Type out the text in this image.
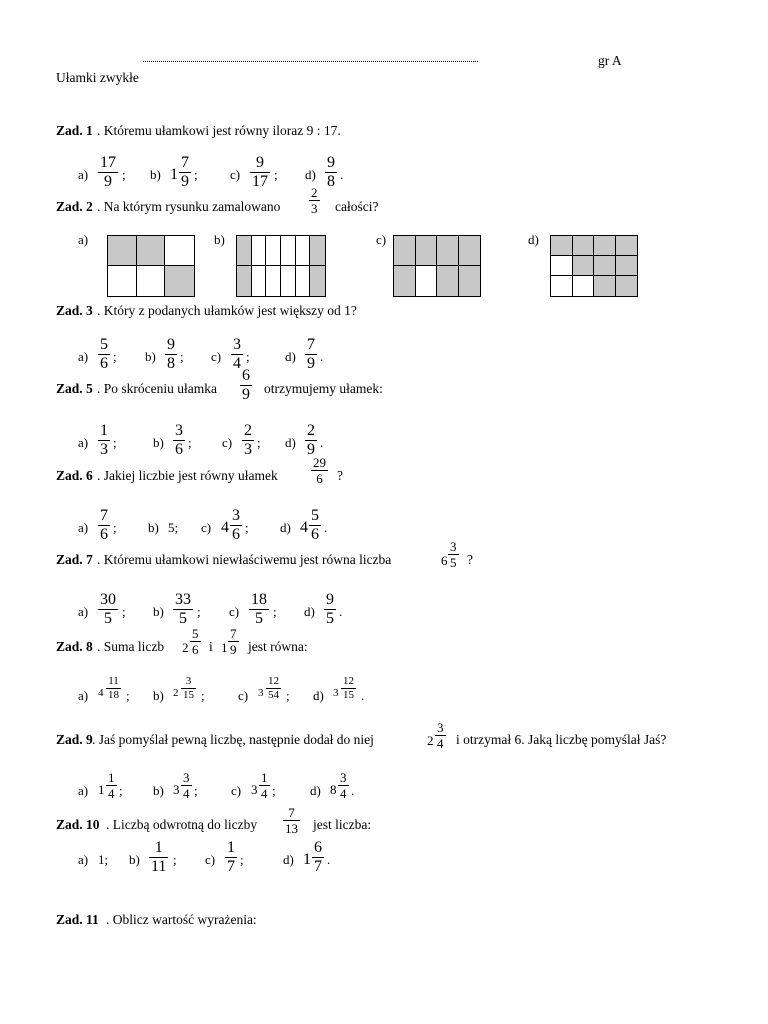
gr A
Ułamki zwykłe
Zad. 1 . Któremu ułamkowi jest równy iloraz 9 : 17.
a)
17
9 ; b) 1
7
9 ; c)
9
17 ; d)
9
8 .
Zad. 2 . Na którym rysunku zamalowano
2
3 całości?
a)	b)	c)	d)
Zad. 3 . Który z podanych ułamków jest większy od 1?
a)
5
6 ; b)
9
8 ; c)
3
4 ;	d)
7
9 .
Zad. 5 . Po skróceniu ułamka
6
9 otrzymujemy ułamek:
a)
1
3 ;	b)
3
6 ; c)
2
3 ; d)
2
9 .
Zad. 6 . Jakiej liczbie jest równy ułamek
29
6 ?
a)
7
6 ; b) 5; c) 4
3
6 ; d) 4
5
6 .
Zad. 7 . Któremu ułamkowi niewłaściwemu jest równa liczba	6
3
5 ?
a)
30
5 ; b)
33
5 ; c)
18
5 ; d)
9
5 .
Zad. 8 . Suma liczb 2
5
6 i 1
7
9 jest równa:
a) 4
11
18 ; b) 2
3
15 ;	c) 3
12
54 ; d) 3
12
15 .
Zad. 9 . Jaś pomyślał pewną liczbę, następnie dodał do niej	2
3
4 i otrzymał 6. Jaką liczbę pomyślał Jaś?
a) 1
1
4 ; b) 3
3
4 ;	c) 3
1
4 ;	d) 8
3
4 .
Zad. 10 . Liczbą odwrotną do liczby
7
13 jest liczba:
a) 1; b)
1
11 ; c)
1
7 ;	d) 1
6
7 .
Zad. 11 . Oblicz wartość wyrażenia:
